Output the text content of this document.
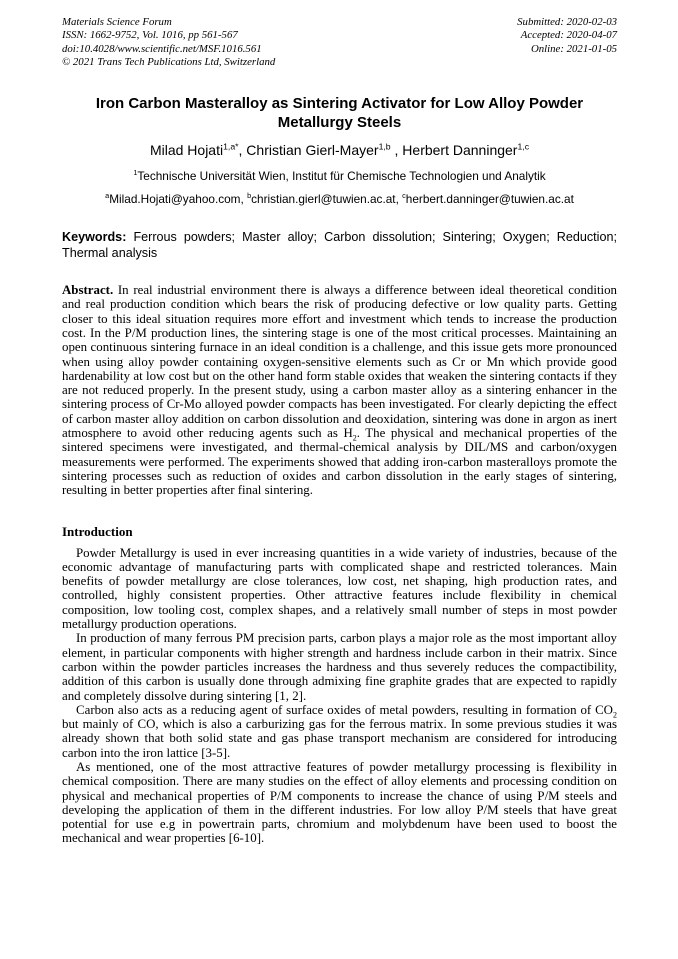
Materials Science Forum
ISSN: 1662-9752, Vol. 1016, pp 561-567
doi:10.4028/www.scientific.net/MSF.1016.561
© 2021 Trans Tech Publications Ltd, Switzerland
Submitted: 2020-02-03
Accepted: 2020-04-07
Online: 2021-01-05
Iron Carbon Masteralloy as Sintering Activator for Low Alloy Powder Metallurgy Steels

Milad Hojati$^{1,a*}$, Christian Gierl-Mayer$^{1,b}$ , Herbert Danninger$^{1,c}$

$^1$Technische Universität Wien, Institut für Chemische Technologien und Analytik

$^a$Milad.Hojati@yahoo.com, $^b$christian.gierl@tuwien.ac.at, $^c$herbert.danninger@tuwien.ac.at

Keywords: Ferrous powders; Master alloy; Carbon dissolution; Sintering; Oxygen; Reduction; Thermal analysis

Abstract. In real industrial environment there is always a difference between ideal theoretical condition and real production condition which bears the risk of producing defective or low quality parts. Getting closer to this ideal situation requires more effort and investment which tends to increase the production cost. In the P/M production lines, the sintering stage is one of the most critical processes. Maintaining an open continuous sintering furnace in an ideal condition is a challenge, and this issue gets more pronounced when using alloy powder containing oxygen-sensitive elements such as Cr or Mn which provide good hardenability at low cost but on the other hand form stable oxides that weaken the sintering contacts if they are not reduced properly. In the present study, using a carbon master alloy as a sintering enhancer in the sintering process of Cr-Mo alloyed powder compacts has been investigated. For clearly depicting the effect of carbon master alloy addition on carbon dissolution and deoxidation, sintering was done in argon as inert atmosphere to avoid other reducing agents such as $H_2$. The physical and mechanical properties of the sintered specimens were investigated, and thermal-chemical analysis by DIL/MS and carbon/oxygen measurements were performed. The experiments showed that adding iron-carbon masteralloys promote the sintering processes such as reduction of oxides and carbon dissolution in the early stages of sintering, resulting in better properties after final sintering.

Introduction

Powder Metallurgy is used in ever increasing quantities in a wide variety of industries, because of the economic advantage of manufacturing parts with complicated shape and restricted tolerances. Main benefits of powder metallurgy are close tolerances, low cost, net shaping, high production rates, and controlled, highly consistent properties. Other attractive features include flexibility in chemical composition, low tooling cost, complex shapes, and a relatively small number of steps in most powder metallurgy production operations.

In production of many ferrous PM precision parts, carbon plays a major role as the most important alloy element, in particular components with higher strength and hardness include carbon in their matrix. Since carbon within the powder particles increases the hardness and thus severely reduces the compactibility, addition of this carbon is usually done through admixing fine graphite grades that are expected to rapidly and completely dissolve during sintering [1, 2].

Carbon also acts as a reducing agent of surface oxides of metal powders, resulting in formation of $CO_2$ but mainly of CO, which is also a carburizing gas for the ferrous matrix. In some previous studies it was already shown that both solid state and gas phase transport mechanism are considered for introducing carbon into the iron lattice [3-5].

As mentioned, one of the most attractive features of powder metallurgy processing is flexibility in chemical composition. There are many studies on the effect of alloy elements and processing condition on physical and mechanical properties of P/M components to increase the chance of using P/M steels and developing the application of them in the different industries. For low alloy P/M steels that have great potential for use e.g in powertrain parts, chromium and molybdenum have been used to boost the mechanical and wear properties [6-10].
